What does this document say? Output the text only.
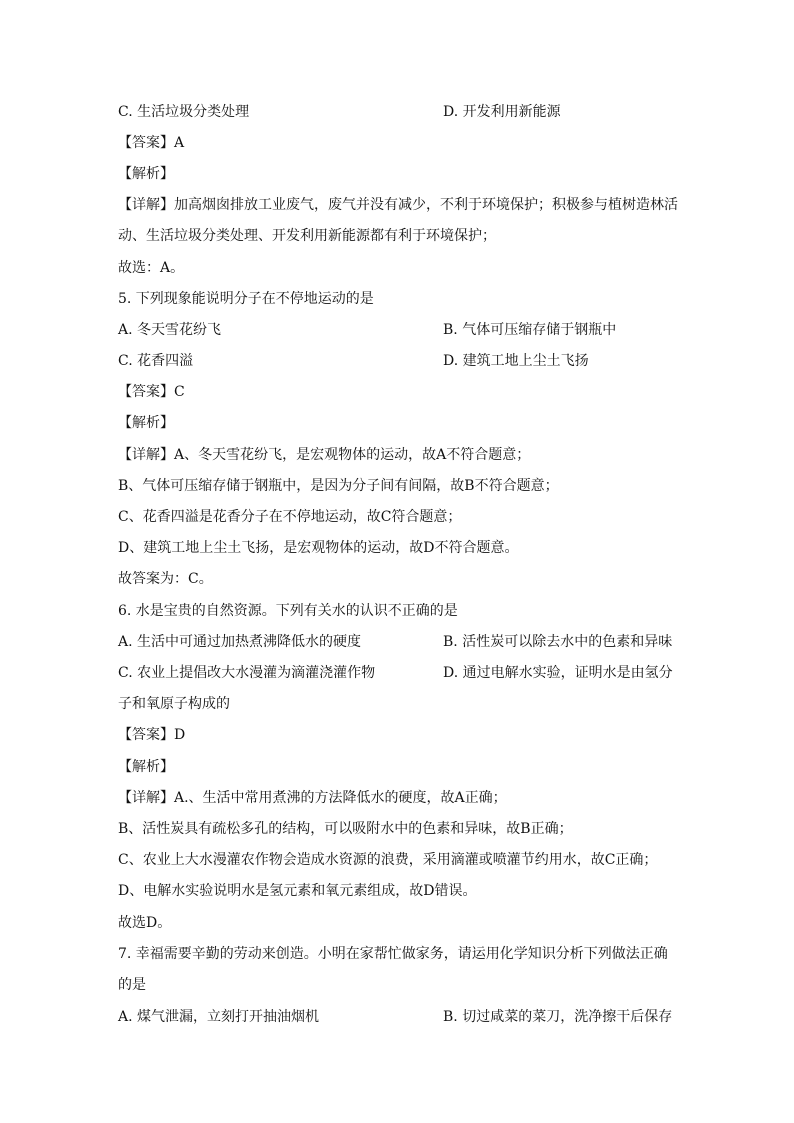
C. 生活垃圾分类处理	D. 开发利用新能源
【答案】A
【解析】
【详解】加高烟囱排放工业废气，废气并没有减少，不利于环境保护；积极参与植树造林活
动、生活垃圾分类处理、开发利用新能源都有利于环境保护；
故选：A。
5. 下列现象能说明分子在不停地运动的是
A. 冬天雪花纷飞	B. 气体可压缩存储于钢瓶中
C. 花香四溢	D. 建筑工地上尘土飞扬
【答案】C
【解析】
【详解】A、冬天雪花纷飞，是宏观物体的运动，故A不符合题意；
B、气体可压缩存储于钢瓶中，是因为分子间有间隔，故B不符合题意；
C、花香四溢是花香分子在不停地运动，故C符合题意；
D、建筑工地上尘土飞扬，是宏观物体的运动，故D不符合题意。
故答案为：C。
6. 水是宝贵的自然资源。下列有关水的认识不正确的是
A. 生活中可通过加热煮沸降低水的硬度	B. 活性炭可以除去水中的色素和异味
C. 农业上提倡改大水漫灌为滴灌浇灌作物	D. 通过电解水实验，证明水是由氢分
子和氧原子构成的
【答案】D
【解析】
【详解】A.、生活中常用煮沸的方法降低水的硬度，故A正确；
B、活性炭具有疏松多孔的结构，可以吸附水中的色素和异味，故B正确；
C、农业上大水漫灌农作物会造成水资源的浪费，采用滴灌或喷灌节约用水，故C正确；
D、电解水实验说明水是氢元素和氧元素组成，故D错误。
故选D。
7. 幸福需要辛勤的劳动来创造。小明在家帮忙做家务，请运用化学知识分析下列做法正确
的是
A. 煤气泄漏，立刻打开抽油烟机	B. 切过咸菜的菜刀，洗净擦干后保存
